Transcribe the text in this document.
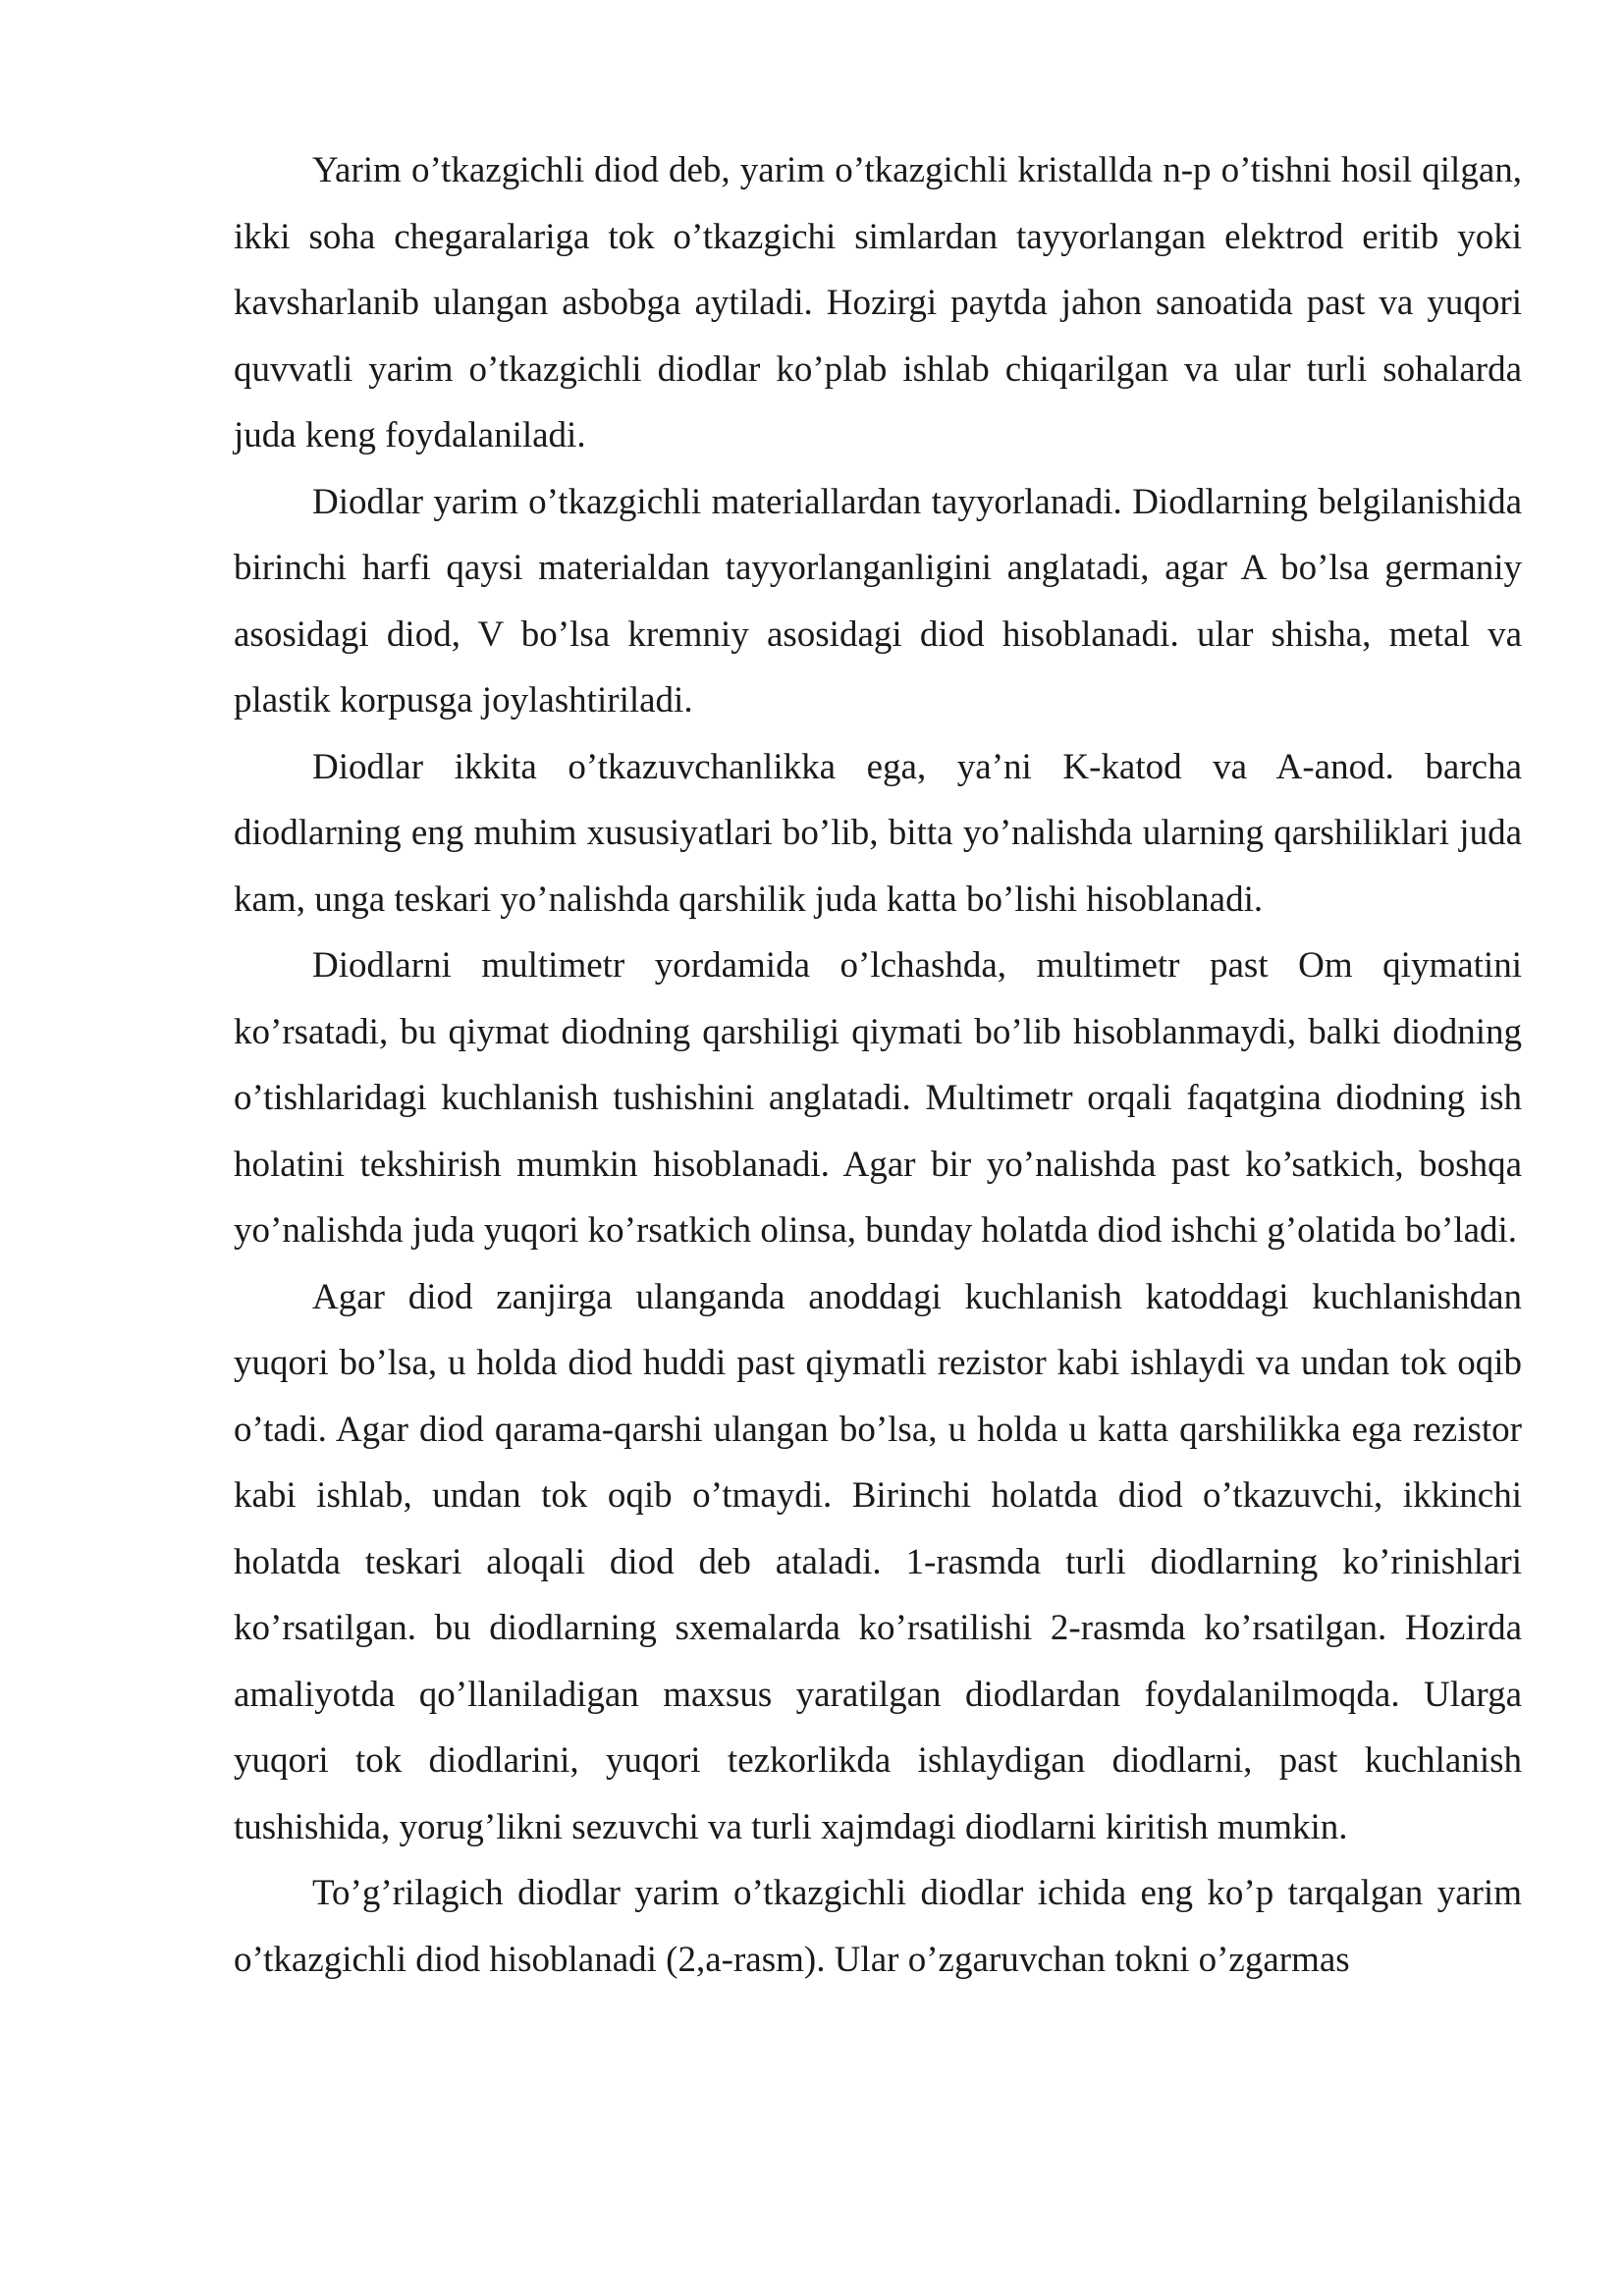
Yarim o’tkazgichli diod deb, yarim o’tkazgichli kristallda n-p o’tishni hosil qilgan, ikki soha chegaralariga tok o’tkazgichi simlardan tayyorlangan elektrod eritib yoki kavsharlanib ulangan asbobga aytiladi. Hozirgi paytda jahon sanoatida past va yuqori quvvatli yarim o’tkazgichli diodlar ko’plab ishlab chiqarilgan va ular turli sohalarda juda keng foydalaniladi.

Diodlar yarim o’tkazgichli materiallardan tayyorlanadi. Diodlarning belgilanishida birinchi harfi qaysi materialdan tayyorlanganligini anglatadi, agar A bo’lsa germaniy asosidagi diod, V bo’lsa kremniy asosidagi diod hisoblanadi. ular shisha, metal va plastik korpusga joylashtiriladi.

Diodlar ikkita o’tkazuvchanlikka ega, ya’ni K-katod va A-anod. barcha diodlarning eng muhim xususiyatlari bo’lib, bitta yo’nalishda ularning qarshiliklari juda kam, unga teskari yo’nalishda qarshilik juda katta bo’lishi hisoblanadi.

Diodlarni multimetr yordamida o’lchashda, multimetr past Om qiymatini ko’rsatadi, bu qiymat diodning qarshiligi qiymati bo’lib hisoblanmaydi, balki diodning o’tishlaridagi kuchlanish tushishini anglatadi. Multimetr orqali faqatgina diodning ish holatini tekshirish mumkin hisoblanadi. Agar bir yo’nalishda past ko’satkich, boshqa yo’nalishda juda yuqori ko’rsatkich olinsa, bunday holatda diod ishchi g’olatida bo’ladi.

Agar diod zanjirga ulanganda anoddagi kuchlanish katoddagi kuchlanishdan yuqori bo’lsa, u holda diod huddi past qiymatli rezistor kabi ishlaydi va undan tok oqib o’tadi. Agar diod qarama-qarshi ulangan bo’lsa, u holda u katta qarshilikka ega rezistor kabi ishlab, undan tok oqib o’tmaydi. Birinchi holatda diod o’tkazuvchi, ikkinchi holatda teskari aloqali diod deb ataladi. 1-rasmda turli diodlarning ko’rinishlari ko’rsatilgan. bu diodlarning sxemalarda ko’rsatilishi 2-rasmda ko’rsatilgan. Hozirda amaliyotda qo’llaniladigan maxsus yaratilgan diodlardan foydalanilmoqda. Ularga yuqori tok diodlarini, yuqori tezkorlikda ishlaydigan diodlarni, past kuchlanish tushishida, yorug’likni sezuvchi va turli xajmdagi diodlarni kiritish mumkin.

To’g’rilagich diodlar yarim o’tkazgichli diodlar ichida eng ko’p tarqalgan yarim o’tkazgichli diod hisoblanadi (2,a-rasm). Ular o’zgaruvchan tokni o’zgarmas
